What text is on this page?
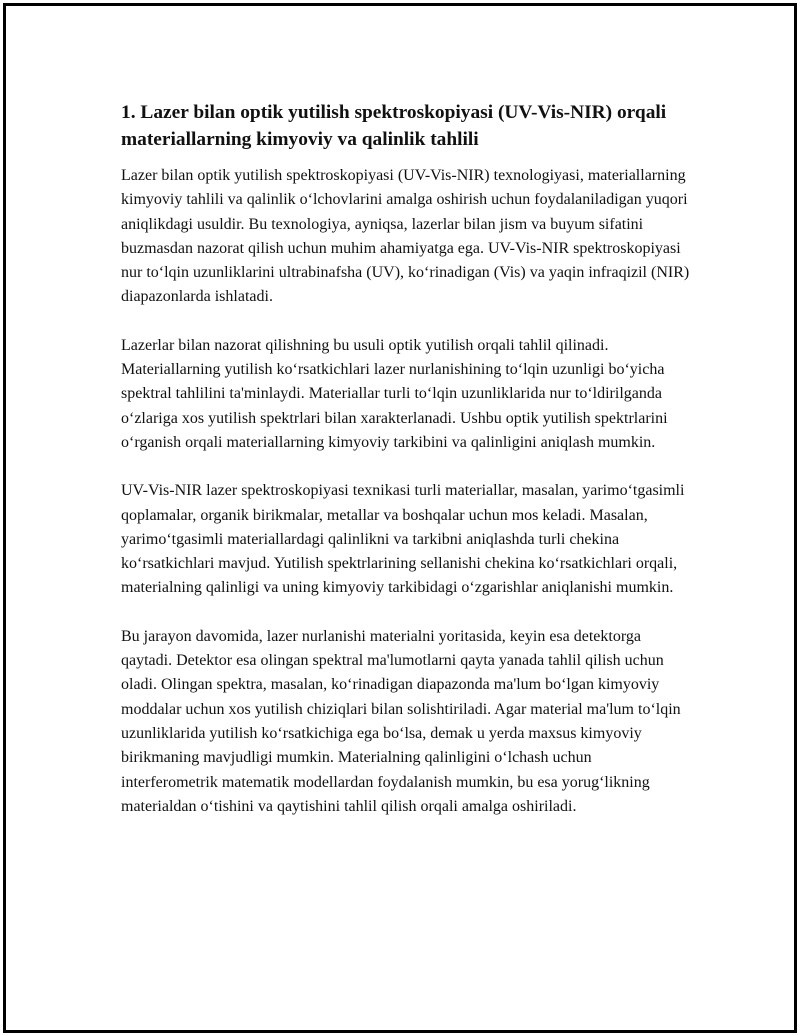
1. Lazer bilan optik yutilish spektroskopiyasi (UV-Vis-NIR) orqali materiallarning kimyoviy va qalinlik tahlili

Lazer bilan optik yutilish spektroskopiyasi (UV-Vis-NIR) texnologiyasi, materiallarning kimyoviy tahlili va qalinlik o‘lchovlarini amalga oshirish uchun foydalaniladigan yuqori aniqlikdagi usuldir. Bu texnologiya, ayniqsa, lazerlar bilan jism va buyum sifatini buzmasdan nazorat qilish uchun muhim ahamiyatga ega. UV-Vis-NIR spektroskopiyasi nur to‘lqin uzunliklarini ultrabinafsha (UV), ko‘rinadigan (Vis) va yaqin infraqizil (NIR) diapazonlarda ishlatadi.

Lazerlar bilan nazorat qilishning bu usuli optik yutilish orqali tahlil qilinadi. Materiallarning yutilish ko‘rsatkichlari lazer nurlanishining to‘lqin uzunligi bo‘yicha spektral tahlilini ta'minlaydi. Materiallar turli to‘lqin uzunliklarida nur to‘ldirilganda o‘zlariga xos yutilish spektrlari bilan xarakterlanadi. Ushbu optik yutilish spektrlarini o‘rganish orqali materiallarning kimyoviy tarkibini va qalinligini aniqlash mumkin.

UV-Vis-NIR lazer spektroskopiyasi texnikasi turli materiallar, masalan, yarimo‘tgasimli qoplamalar, organik birikmalar, metallar va boshqalar uchun mos keladi. Masalan, yarimo‘tgasimli materiallardagi qalinlikni va tarkibni aniqlashda turli chekina ko‘rsatkichlari mavjud. Yutilish spektrlarining sellanishi chekina ko‘rsatkichlari orqali, materialning qalinligi va uning kimyoviy tarkibidagi o‘zgarishlar aniqlanishi mumkin.

Bu jarayon davomida, lazer nurlanishi materialni yoritasida, keyin esa detektorga qaytadi. Detektor esa olingan spektral ma'lumotlarni qayta yanada tahlil qilish uchun oladi. Olingan spektra, masalan, ko‘rinadigan diapazonda ma'lum bo‘lgan kimyoviy moddalar uchun xos yutilish chiziqlari bilan solishtiriladi. Agar material ma'lum to‘lqin uzunliklarida yutilish ko‘rsatkichiga ega bo‘lsa, demak u yerda maxsus kimyoviy birikmaning mavjudligi mumkin. Materialning qalinligini o‘lchash uchun interferometrik matematik modellardan foydalanish mumkin, bu esa yorug‘likning materialdan o‘tishini va qaytishini tahlil qilish orqali amalga oshiriladi.
